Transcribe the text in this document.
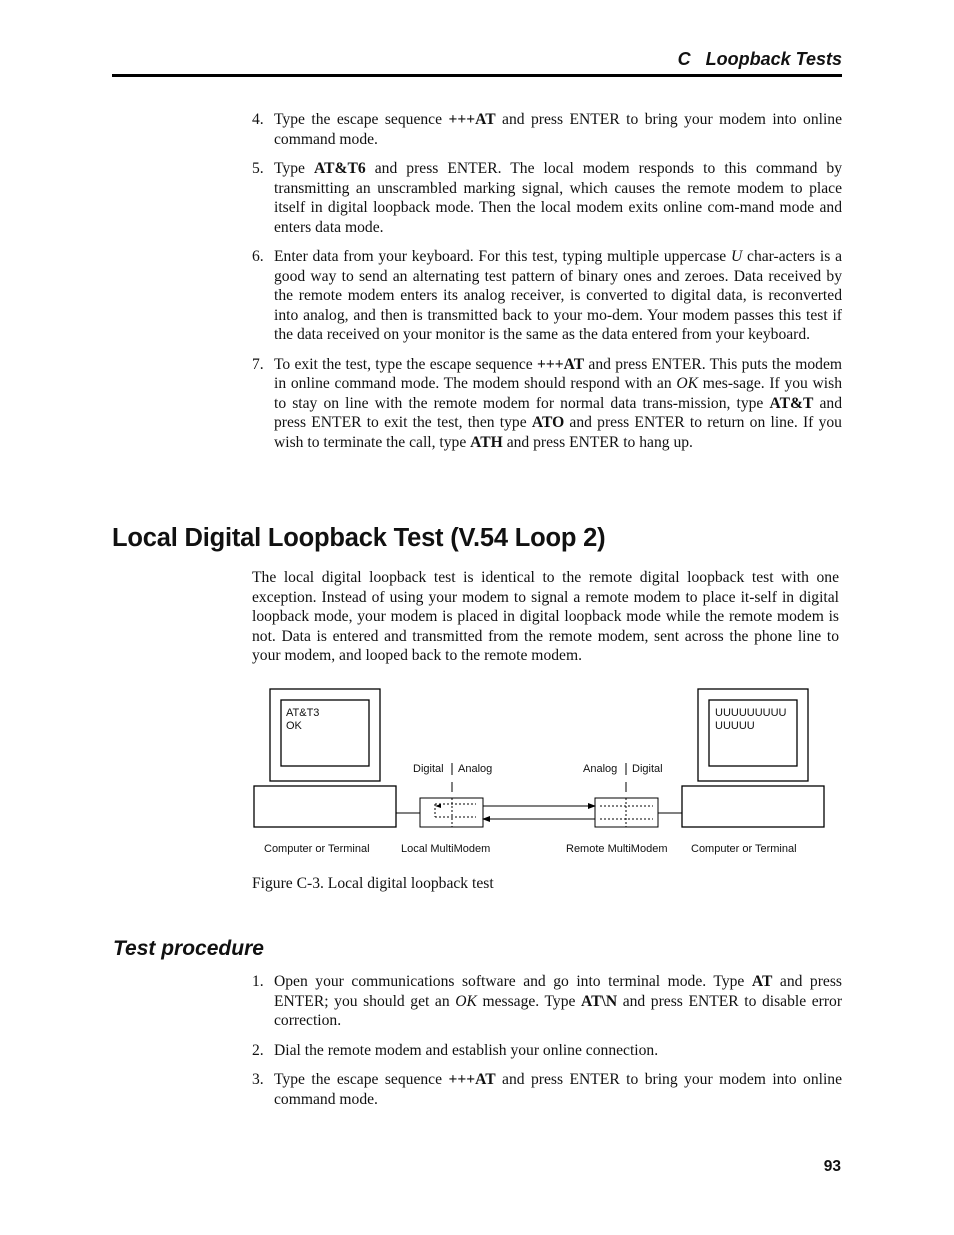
C Loopback Tests
4. Type the escape sequence +++AT and press ENTER to bring your modem into online command mode.
5. Type AT&T6 and press ENTER. The local modem responds to this command by transmitting an unscrambled marking signal, which causes the remote modem to place itself in digital loopback mode. Then the local modem exits online com-mand mode and enters data mode.
6. Enter data from your keyboard. For this test, typing multiple uppercase U char-acters is a good way to send an alternating test pattern of binary ones and zeroes. Data received by the remote modem enters its analog receiver, is converted to digital data, is reconverted into analog, and then is transmitted back to your mo-dem. Your modem passes this test if the data received on your monitor is the same as the data entered from your keyboard.
7. To exit the test, type the escape sequence +++AT and press ENTER. This puts the modem in online command mode. The modem should respond with an OK mes-sage. If you wish to stay on line with the remote modem for normal data trans-mission, type AT&T and press ENTER to exit the test, then type ATO and press ENTER to return on line. If you wish to terminate the call, type ATH and press ENTER to hang up.
Local Digital Loopback Test (V.54 Loop 2)

The local digital loopback test is identical to the remote digital loopback test with one exception. Instead of using your modem to signal a remote modem to place it-self in digital loopback mode, your modem is placed in digital loopback mode while the remote modem is not. Data is entered and transmitted from the remote modem, sent across the phone line to your modem, and looped back to the remote modem.

AT&T3
OK
UUUUUUUUU
UUUUU
Digital Analog	Analog Digital
Computer or Terminal	Local MultiModem	Remote MultiModem Computer or Terminal

Figure C-3. Local digital loopback test

Test procedure
1. Open your communications software and go into terminal mode. Type AT and press ENTER; you should get an OK message. Type AT\N and press ENTER to disable error correction.
2. Dial the remote modem and establish your online connection.
3. Type the escape sequence +++AT and press ENTER to bring your modem into online command mode.
93
